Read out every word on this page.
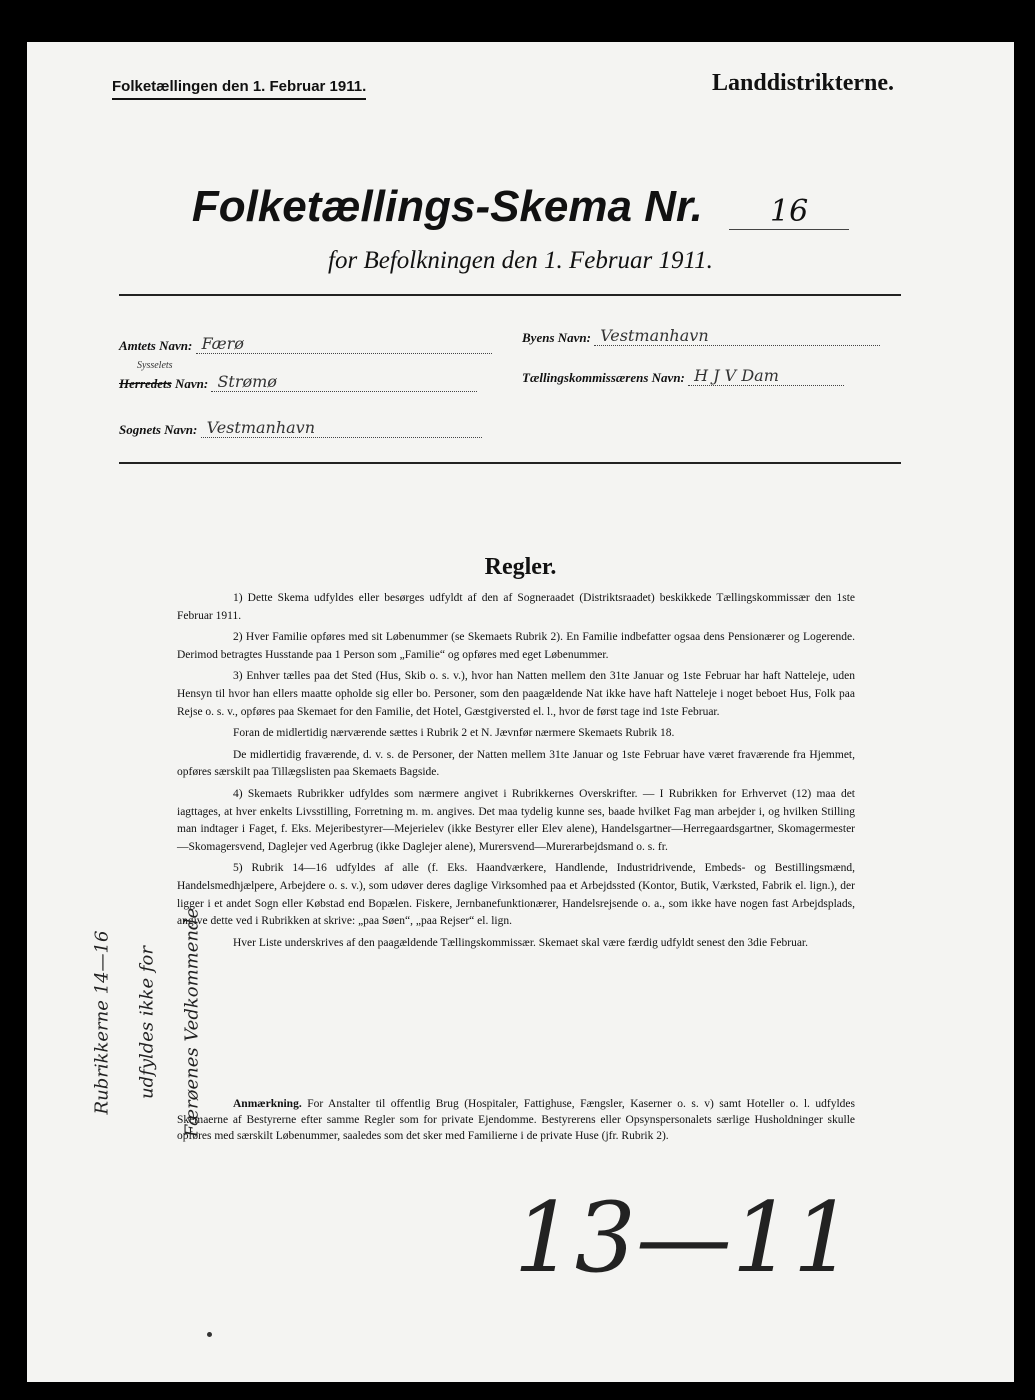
Folketællingen den 1. Februar 1911.	Landdistrikterne.
Folketællings-Skema Nr. 16
for Befolkningen den 1. Februar 1911.
Amtets Navn: Færø
Sysselets
Herredets Navn: Strømø
Sognets Navn: Vestmanhavn
Byens Navn: Vestmanhavn
Tællingskommissærens Navn: H J V Dam
Regler.

1) Dette Skema udfyldes eller besørges udfyldt af den af Sogneraadet (Distriktsraadet) beskikkede Tællingskommissær den 1ste Februar 1911.

2) Hver Familie opføres med sit Løbenummer (se Skemaets Rubrik 2). En Familie indbefatter ogsaa dens Pensionærer og Logerende. Derimod betragtes Husstande paa 1 Person som „Familie“ og opføres med eget Løbenummer.

3) Enhver tælles paa det Sted (Hus, Skib o. s. v.), hvor han Natten mellem den 31te Januar og 1ste Februar har haft Natteleje, uden Hensyn til hvor han ellers maatte opholde sig eller bo. Personer, som den paagældende Nat ikke have haft Natteleje i noget beboet Hus, Folk paa Rejse o. s. v., opføres paa Skemaet for den Familie, det Hotel, Gæstgiversted el. l., hvor de først tage ind 1ste Februar.

Foran de midlertidig nærværende sættes i Rubrik 2 et N. Jævnfør nærmere Skemaets Rubrik 18.

De midlertidig fraværende, d. v. s. de Personer, der Natten mellem 31te Januar og 1ste Februar have været fraværende fra Hjemmet, opføres særskilt paa Tillægslisten paa Skemaets Bagside.

4) Skemaets Rubrikker udfyldes som nærmere angivet i Rubrikkernes Overskrifter. — I Rubrikken for Erhvervet (12) maa det iagttages, at hver enkelts Livsstilling, Forretning m. m. angives. Det maa tydelig kunne ses, baade hvilket Fag man arbejder i, og hvilken Stilling man indtager i Faget, f. Eks. Mejeribestyrer—Mejerielev (ikke Bestyrer eller Elev alene), Handelsgartner—Herregaardsgartner, Skomagermester—Skomagersvend, Daglejer ved Agerbrug (ikke Daglejer alene), Murersvend—Murerarbejdsmand o. s. fr.

5) Rubrik 14—16 udfyldes af alle (f. Eks. Haandværkere, Handlende, Industridrivende, Embeds- og Bestillingsmænd, Handelsmedhjælpere, Arbejdere o. s. v.), som udøver deres daglige Virksomhed paa et Arbejdssted (Kontor, Butik, Værksted, Fabrik el. lign.), der ligger i et andet Sogn eller Købstad end Bopælen. Fiskere, Jernbanefunktionærer, Handelsrejsende o. a., som ikke have nogen fast Arbejdsplads, angive dette ved i Rubrikken at skrive: „paa Søen“, „paa Rejser“ el. lign.

Hver Liste underskrives af den paagældende Tællingskommissær. Skemaet skal være færdig udfyldt senest den 3die Februar.

Anmærkning. For Anstalter til offentlig Brug (Hospitaler, Fattighuse, Fængsler, Kaserner o. s. v) samt Hoteller o. l. udfyldes Skemaerne af Bestyrerne efter samme Regler som for private Ejendomme. Bestyrerens eller Opsynspersonalets særlige Husholdninger skulle opføres med særskilt Løbenummer, saaledes som det sker med Familierne i de private Huse (jfr. Rubrik 2).
Rubrikkerne 14—16 udfyldes ikke for Færøenes Vedkommende
13—11
